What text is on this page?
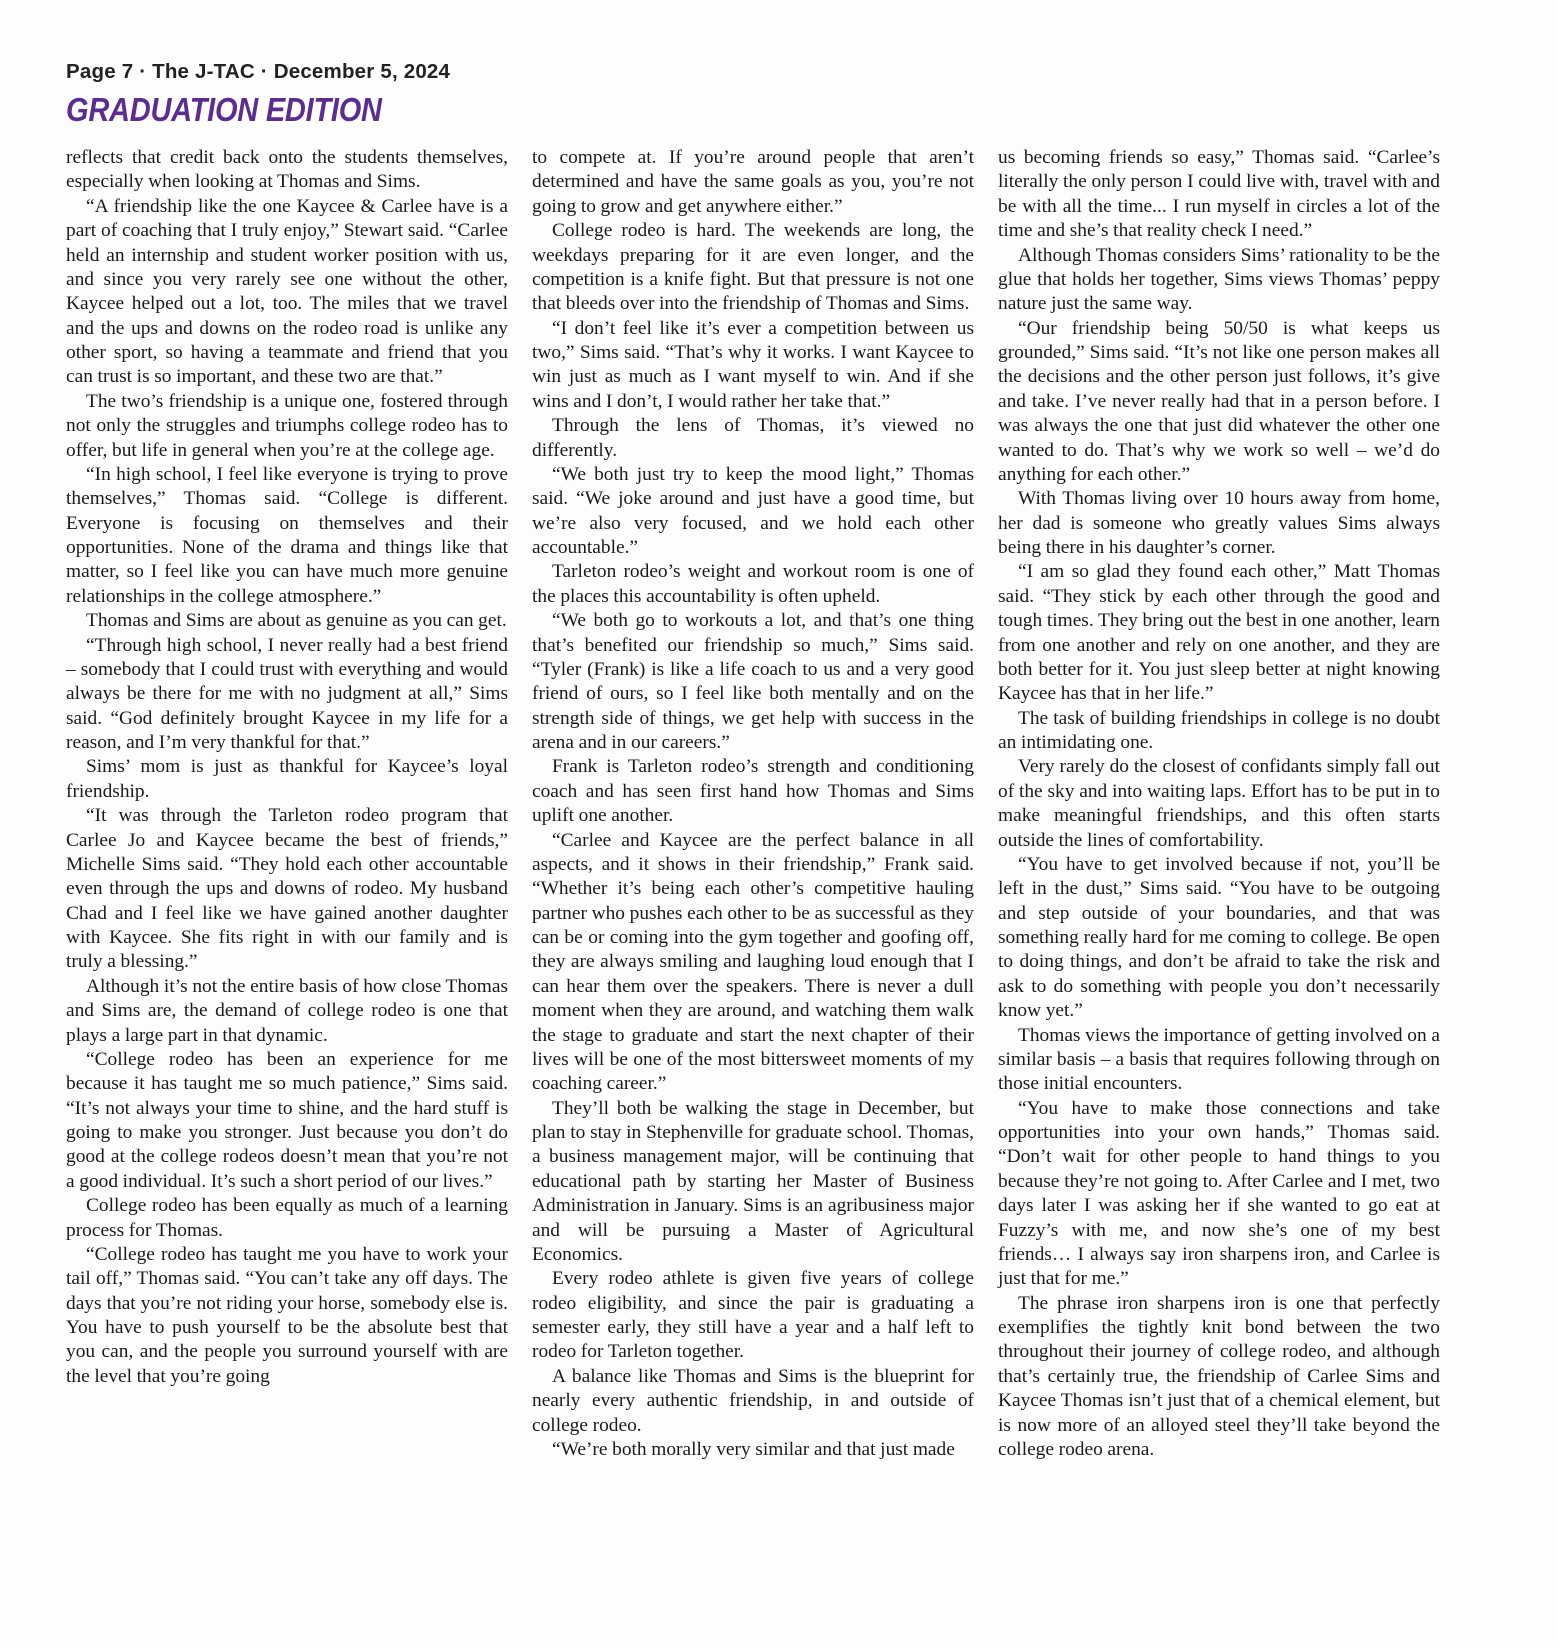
Page 7 · The J-TAC · December 5, 2024
GRADUATION EDITION

reflects that credit back onto the students themselves, especially when looking at Thomas and Sims.

“A friendship like the one Kaycee & Carlee have is a part of coaching that I truly enjoy,” Stewart said. “Carlee held an internship and student worker position with us, and since you very rarely see one without the other, Kaycee helped out a lot, too. The miles that we travel and the ups and downs on the rodeo road is unlike any other sport, so having a teammate and friend that you can trust is so important, and these two are that.”

The two’s friendship is a unique one, fostered through not only the struggles and triumphs college rodeo has to offer, but life in general when you’re at the college age.

“In high school, I feel like everyone is trying to prove themselves,” Thomas said. “College is different. Everyone is focusing on themselves and their opportunities. None of the drama and things like that matter, so I feel like you can have much more genuine relationships in the college atmosphere.”

Thomas and Sims are about as genuine as you can get.

“Through high school, I never really had a best friend – somebody that I could trust with everything and would always be there for me with no judgment at all,” Sims said. “God definitely brought Kaycee in my life for a reason, and I’m very thankful for that.”

Sims’ mom is just as thankful for Kaycee’s loyal friendship.

“It was through the Tarleton rodeo program that Carlee Jo and Kaycee became the best of friends,” Michelle Sims said. “They hold each other accountable even through the ups and downs of rodeo. My husband Chad and I feel like we have gained another daughter with Kaycee. She fits right in with our family and is truly a blessing.”

Although it’s not the entire basis of how close Thomas and Sims are, the demand of college rodeo is one that plays a large part in that dynamic.

“College rodeo has been an experience for me because it has taught me so much patience,” Sims said. “It’s not always your time to shine, and the hard stuff is going to make you stronger. Just because you don’t do good at the college rodeos doesn’t mean that you’re not a good individual. It’s such a short period of our lives.”

College rodeo has been equally as much of a learning process for Thomas.

“College rodeo has taught me you have to work your tail off,” Thomas said. “You can’t take any off days. The days that you’re not riding your horse, somebody else is. You have to push yourself to be the absolute best that you can, and the people you surround yourself with are the level that you’re going

to compete at. If you’re around people that aren’t determined and have the same goals as you, you’re not going to grow and get anywhere either.”

College rodeo is hard. The weekends are long, the weekdays preparing for it are even longer, and the competition is a knife fight. But that pressure is not one that bleeds over into the friendship of Thomas and Sims.

“I don’t feel like it’s ever a competition between us two,” Sims said. “That’s why it works. I want Kaycee to win just as much as I want myself to win. And if she wins and I don’t, I would rather her take that.”

Through the lens of Thomas, it’s viewed no differently.

“We both just try to keep the mood light,” Thomas said. “We joke around and just have a good time, but we’re also very focused, and we hold each other accountable.”

Tarleton rodeo’s weight and workout room is one of the places this accountability is often upheld.

“We both go to workouts a lot, and that’s one thing that’s benefited our friendship so much,” Sims said. “Tyler (Frank) is like a life coach to us and a very good friend of ours, so I feel like both mentally and on the strength side of things, we get help with success in the arena and in our careers.”

Frank is Tarleton rodeo’s strength and conditioning coach and has seen first hand how Thomas and Sims uplift one another.

“Carlee and Kaycee are the perfect balance in all aspects, and it shows in their friendship,” Frank said. “Whether it’s being each other’s competitive hauling partner who pushes each other to be as successful as they can be or coming into the gym together and goofing off, they are always smiling and laughing loud enough that I can hear them over the speakers. There is never a dull moment when they are around, and watching them walk the stage to graduate and start the next chapter of their lives will be one of the most bittersweet moments of my coaching career.”

They’ll both be walking the stage in December, but plan to stay in Stephenville for graduate school. Thomas, a business management major, will be continuing that educational path by starting her Master of Business Administration in January. Sims is an agribusiness major and will be pursuing a Master of Agricultural Economics.

Every rodeo athlete is given five years of college rodeo eligibility, and since the pair is graduating a semester early, they still have a year and a half left to rodeo for Tarleton together.

A balance like Thomas and Sims is the blueprint for nearly every authentic friendship, in and outside of college rodeo.

“We’re both morally very similar and that just made

us becoming friends so easy,” Thomas said. “Carlee’s literally the only person I could live with, travel with and be with all the time... I run myself in circles a lot of the time and she’s that reality check I need.”

Although Thomas considers Sims’ rationality to be the glue that holds her together, Sims views Thomas’ peppy nature just the same way.

“Our friendship being 50/50 is what keeps us grounded,” Sims said. “It’s not like one person makes all the decisions and the other person just follows, it’s give and take. I’ve never really had that in a person before. I was always the one that just did whatever the other one wanted to do. That’s why we work so well – we’d do anything for each other.”

With Thomas living over 10 hours away from home, her dad is someone who greatly values Sims always being there in his daughter’s corner.

“I am so glad they found each other,” Matt Thomas said. “They stick by each other through the good and tough times. They bring out the best in one another, learn from one another and rely on one another, and they are both better for it. You just sleep better at night knowing Kaycee has that in her life.”

The task of building friendships in college is no doubt an intimidating one.

Very rarely do the closest of confidants simply fall out of the sky and into waiting laps. Effort has to be put in to make meaningful friendships, and this often starts outside the lines of comfortability.

“You have to get involved because if not, you’ll be left in the dust,” Sims said. “You have to be outgoing and step outside of your boundaries, and that was something really hard for me coming to college. Be open to doing things, and don’t be afraid to take the risk and ask to do something with people you don’t necessarily know yet.”

Thomas views the importance of getting involved on a similar basis – a basis that requires following through on those initial encounters.

“You have to make those connections and take opportunities into your own hands,” Thomas said. “Don’t wait for other people to hand things to you because they’re not going to. After Carlee and I met, two days later I was asking her if she wanted to go eat at Fuzzy’s with me, and now she’s one of my best friends… I always say iron sharpens iron, and Carlee is just that for me.”

The phrase iron sharpens iron is one that perfectly exemplifies the tightly knit bond between the two throughout their journey of college rodeo, and although that’s certainly true, the friendship of Carlee Sims and Kaycee Thomas isn’t just that of a chemical element, but is now more of an alloyed steel they’ll take beyond the college rodeo arena.
